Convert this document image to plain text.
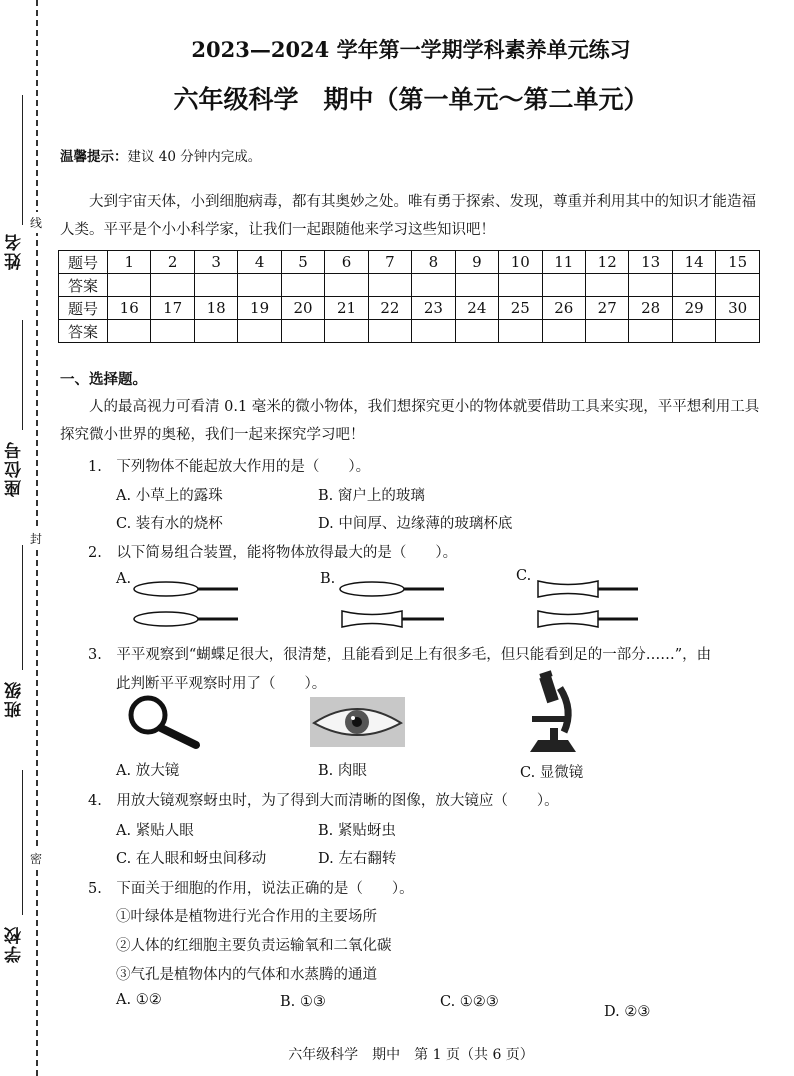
姓名
座位号
班级
学校
线
封
密
2023—2024 学年第一学期学科素养单元练习
六年级科学　期中（第一单元～第二单元）
温馨提示：建议 40 分钟内完成。
大到宇宙天体，小到细胞病毒，都有其奥妙之处。唯有勇于探索、发现，尊重并利用其中的知识才能造福人类。平平是个小小科学家，让我们一起跟随他来学习这些知识吧！
题号	1	2	3	4	5	6	7	8	9	10	11	12	13	14	15
答案															
题号	16	17	18	19	20	21	22	23	24	25	26	27	28	29	30
答案															
一、选择题。
人的最高视力可看清 0.1 毫米的微小物体，我们想探究更小的物体就要借助工具来实现，平平想利用工具探究微小世界的奥秘，我们一起来探究学习吧！
1.　下列物体不能起放大作用的是（　　）。
A. 小草上的露珠	B. 窗户上的玻璃
C. 装有水的烧杯	D. 中间厚、边缘薄的玻璃杯底
2.　以下简易组合装置，能将物体放得最大的是（　　）。
A.	B.	C.
3.　平平观察到“蝴蝶足很大，很清楚，且能看到足上有很多毛，但只能看到足的一部分……”，由
此判断平平观察时用了（　　）。
A. 放大镜	B. 肉眼	C. 显微镜
4.　用放大镜观察蚜虫时，为了得到大而清晰的图像，放大镜应（　　）。
A. 紧贴人眼	B. 紧贴蚜虫
C. 在人眼和蚜虫间移动	D. 左右翻转
5.　下面关于细胞的作用，说法正确的是（　　）。
①叶绿体是植物进行光合作用的主要场所
②人体的红细胞主要负责运输氧和二氧化碳
③气孔是植物体内的气体和水蒸腾的通道
A. ①②	B. ①③	C. ①②③
D. ②③
六年级科学　期中　第 1 页（共 6 页）
